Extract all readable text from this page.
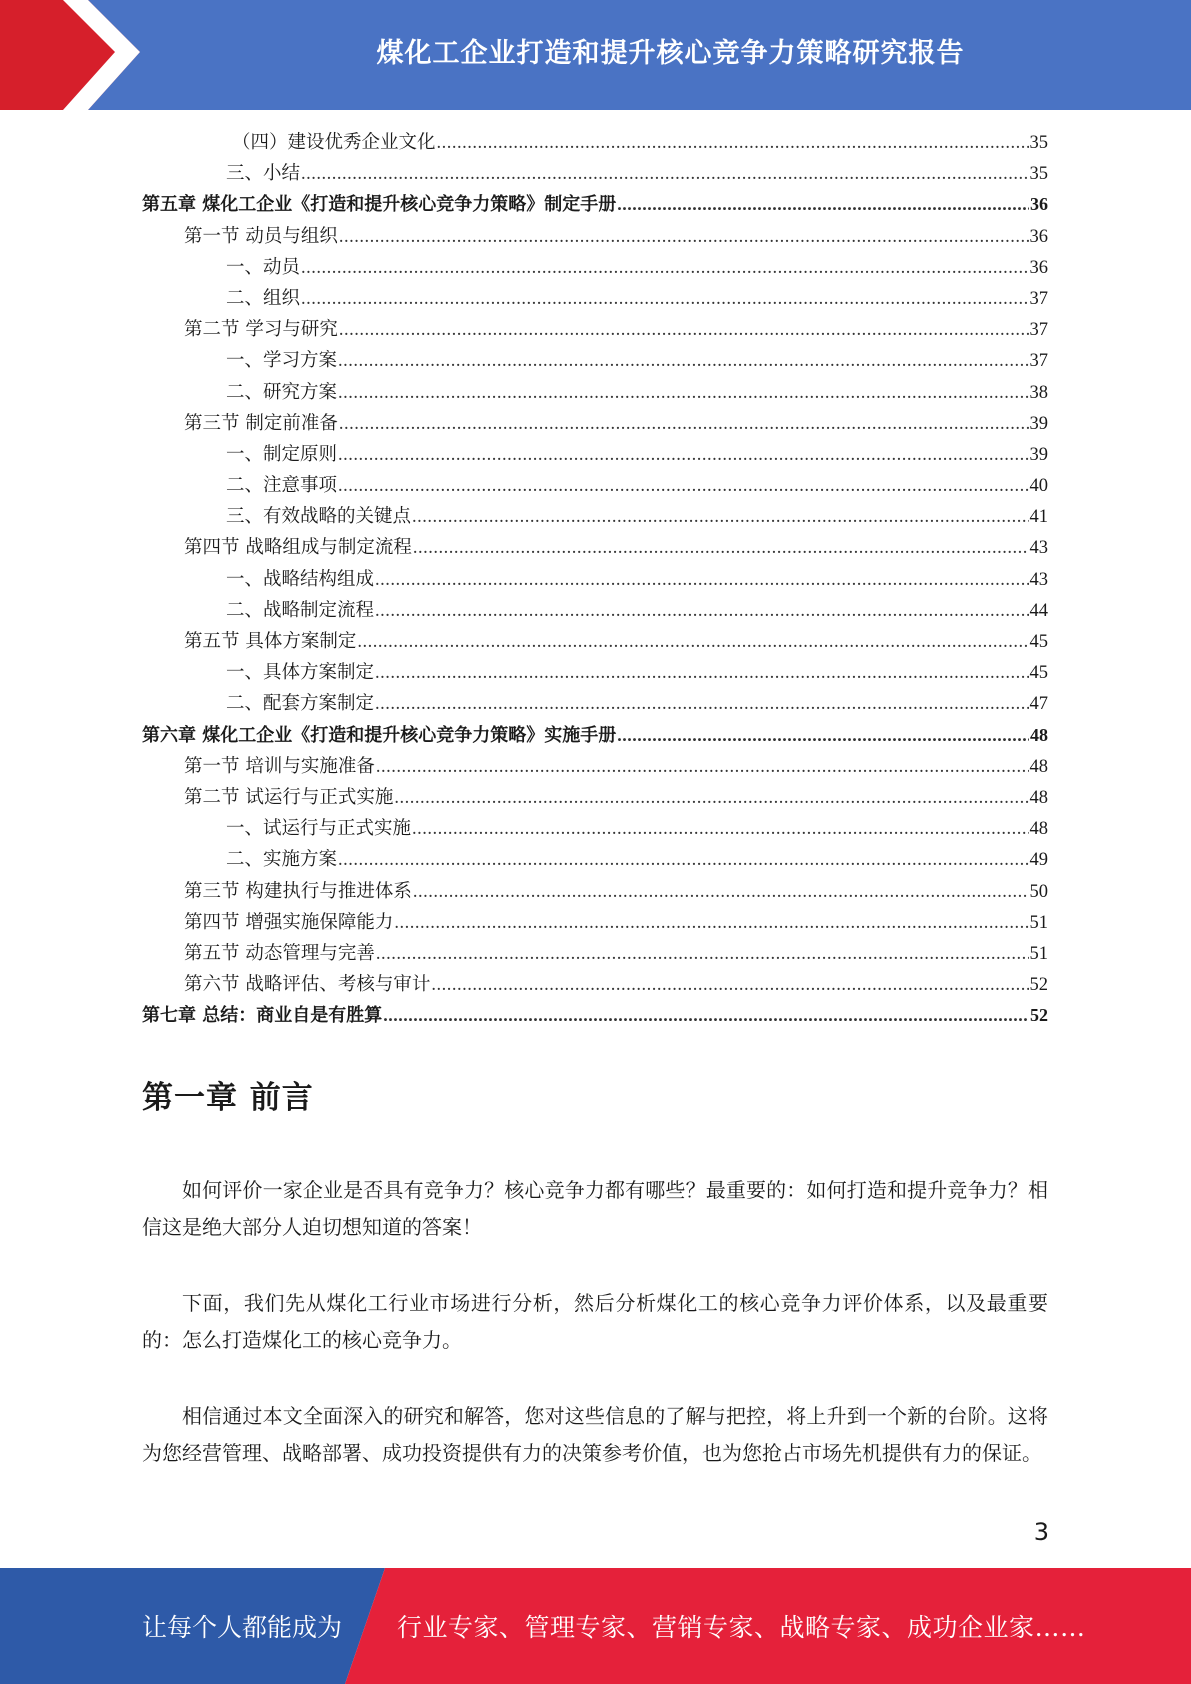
煤化工企业打造和提升核心竞争力策略研究报告
（四）建设优秀企业文化 .....	35
三、小结 .....	35
第五章 煤化工企业《打造和提升核心竞争力策略》制定手册 .....	36
第一节 动员与组织 .....	36
一、动员 .....	36
二、组织 .....	37
第二节 学习与研究 .....	37
一、学习方案 .....	37
二、研究方案 .....	38
第三节 制定前准备 .....	39
一、制定原则 .....	39
二、注意事项 .....	40
三、有效战略的关键点 .....	41
第四节 战略组成与制定流程 .....	43
一、战略结构组成 .....	43
二、战略制定流程 .....	44
第五节 具体方案制定 .....	45
一、具体方案制定 .....	45
二、配套方案制定 .....	47
第六章 煤化工企业《打造和提升核心竞争力策略》实施手册 .....	48
第一节 培训与实施准备 .....	48
第二节 试运行与正式实施 .....	48
一、试运行与正式实施 .....	48
二、实施方案 .....	49
第三节 构建执行与推进体系 .....	50
第四节 增强实施保障能力 .....	51
第五节 动态管理与完善 .....	51
第六节 战略评估、考核与审计 .....	52
第七章 总结：商业自是有胜算 .....	52
第一章 前言

如何评价一家企业是否具有竞争力？核心竞争力都有哪些？最重要的：如何打造和提升竞争力？相信这是绝大部分人迫切想知道的答案！

下面，我们先从煤化工行业市场进行分析，然后分析煤化工的核心竞争力评价体系，以及最重要的：怎么打造煤化工的核心竞争力。

相信通过本文全面深入的研究和解答，您对这些信息的了解与把控，将上升到一个新的台阶。这将为您经营管理、战略部署、成功投资提供有力的决策参考价值，也为您抢占市场先机提供有力的保证。

3
让每个人都能成为 行业专家、管理专家、营销专家、战略专家、成功企业家……
